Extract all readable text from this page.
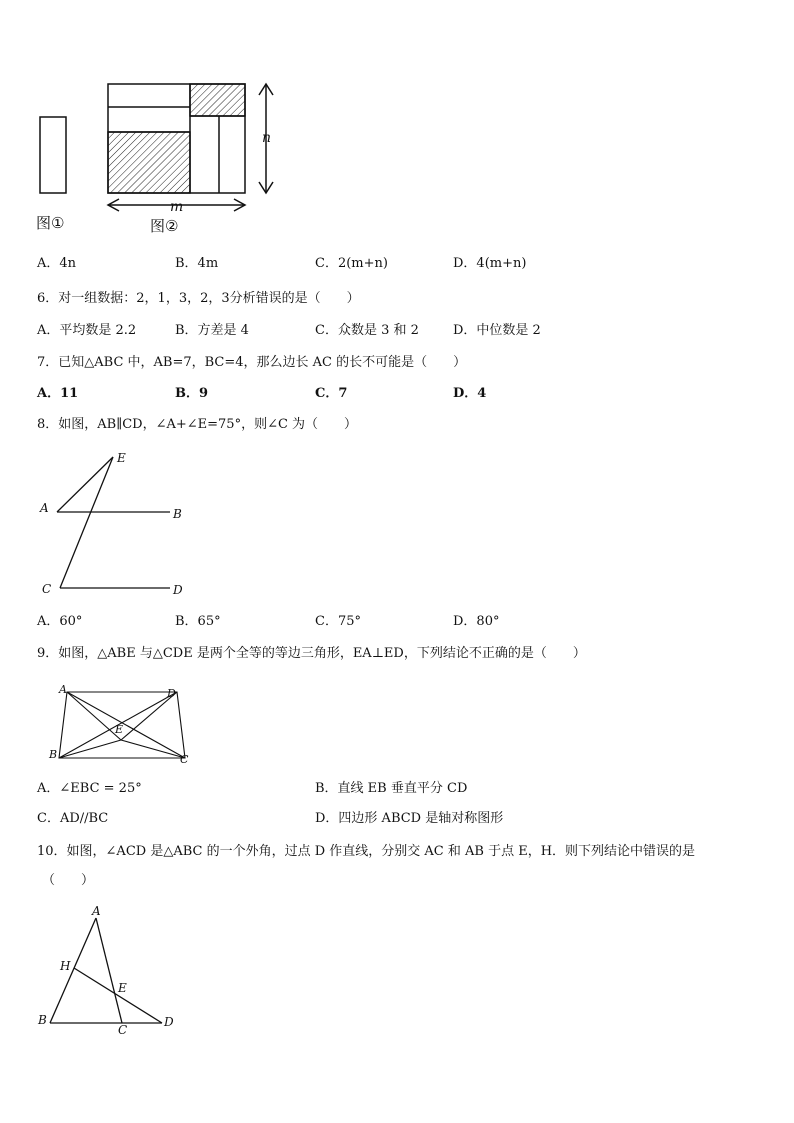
图①
n
m
图②
A．4n	B．4m	C．2(m+n)	D．4(m+n)
6．对一组数据：2，1，3，2，3分析错误的是（　　）
A．平均数是 2.2	B．方差是 4	C．众数是 3 和 2	D．中位数是 2
7．已知△ABC 中，AB=7，BC=4，那么边长 AC 的长不可能是（　　）
A．11	B．9	C．7	D．4
8．如图，AB∥CD，∠A+∠E=75°，则∠C 为（　　）
E
A	B
C	D
A．60°	B．65°	C．75°	D．80°
9．如图，△ABE 与△CDE 是两个全等的等边三角形，EA⊥ED，下列结论不正确的是（　　）
A	D
E
B	C
A．∠EBC = 25°	B．直线 EB 垂直平分 CD
C．AD//BC	D．四边形 ABCD 是轴对称图形
10．如图，∠ACD 是△ABC 的一个外角，过点 D 作直线，分别交 AC 和 AB 于点 E，H．则下列结论中错误的是
（　　）
A
H
E
B
C
D
